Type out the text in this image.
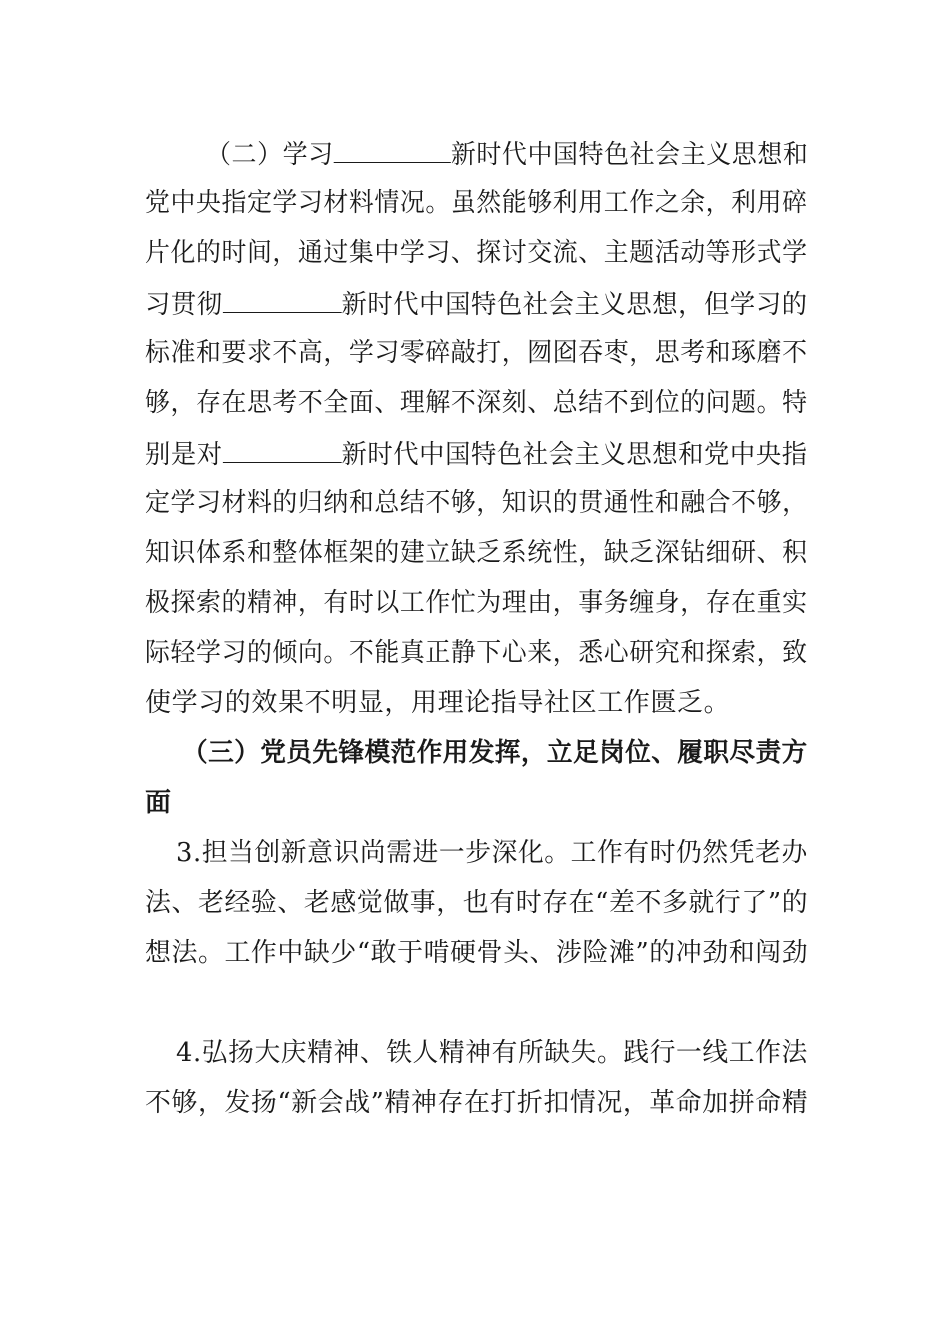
（二）学习	新时代中国特色社会主义思想和
党中央指定学习材料情况。虽然能够利用工作之余，利用碎
片化的时间，通过集中学习、探讨交流、主题活动等形式学
习贯彻	新时代中国特色社会主义思想，但学习的
标准和要求不高，学习零碎敲打，囫囵吞枣，思考和琢磨不
够，存在思考不全面、理解不深刻、总结不到位的问题。特
别是对	新时代中国特色社会主义思想和党中央指
定学习材料的归纳和总结不够，知识的贯通性和融合不够，
知识体系和整体框架的建立缺乏系统性，缺乏深钻细研、积
极探索的精神，有时以工作忙为理由，事务缠身，存在重实
际轻学习的倾向。不能真正静下心来，悉心研究和探索，致
使学习的效果不明显，用理论指导社区工作匮乏。
（三）党员先锋模范作用发挥，立足岗位、履职尽责方
面
3.担当创新意识尚需进一步深化。工作有时仍然凭老办
法、老经验、老感觉做事，也有时存在“差不多就行了”的
想法。工作中缺少“敢于啃硬骨头、涉险滩”的冲劲和闯劲
4.弘扬大庆精神、铁人精神有所缺失。践行一线工作法
不够，发扬“新会战”精神存在打折扣情况，革命加拼命精
